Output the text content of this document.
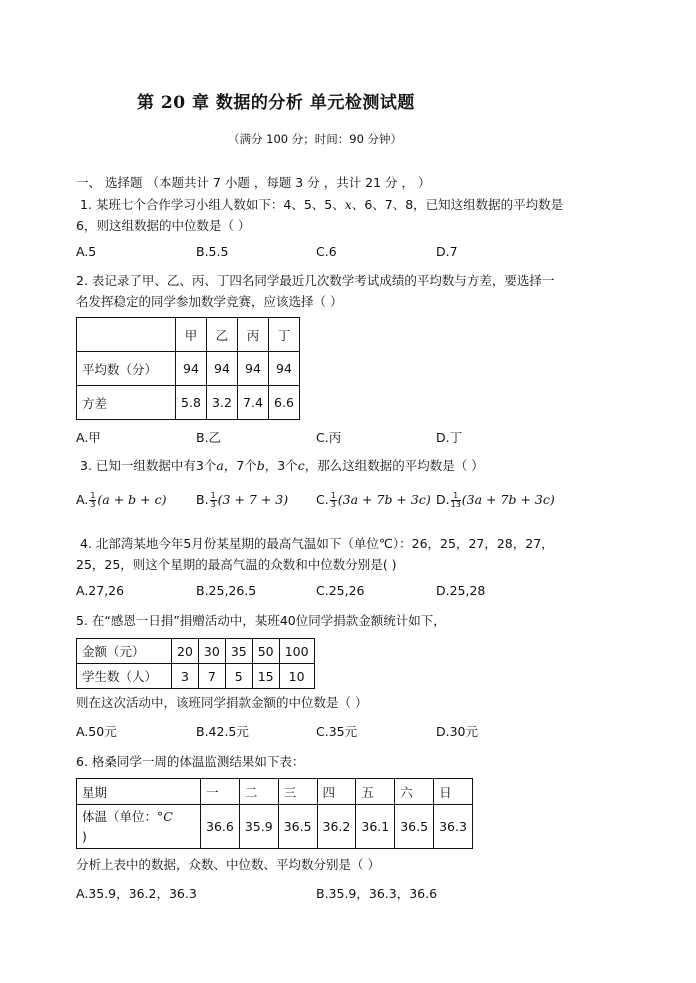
第 20 章 数据的分析 单元检测试题
（满分 100 分；时间：90 分钟）
一、 选择题 （本题共计 7 小题 ，每题 3 分 ，共计 21 分 ， ）
1. 某班七个合作学习小组人数如下：4、5、5、x、6、7、8，已知这组数据的平均数是
6，则这组数据的中位数是（ ）
A.5	B.5.5	C.6	D.7
2. 表记录了甲、乙、丙、丁四名同学最近几次数学考试成绩的平均数与方差，要选择一
名发挥稳定的同学参加数学竞赛，应该选择（ ）
	甲	乙	丙	丁
平均数（分）	94	94	94	94
方差	5.8	3.2	7.4	6.6
A.甲	B.乙	C.丙	D.丁
3. 已知一组数据中有3个a，7个b，3个c，那么这组数据的平均数是（ ）
A. $\frac{1}{3} (a + b + c)$ B. $\frac{1}{3} (3 + 7 + 3)$ C. $\frac{1}{3} (3a + 7b + 3c)$ D. $\frac{1}{13} (3a + 7b + 3c)$
4. 北部湾某地今年5月份某星期的最高气温如下（单位℃）：26，25，27，28，27，
25，25，则这个星期的最高气温的众数和中位数分别是( )
A.27,26	B.25,26.5	C.25,26	D.25,28
5. 在“感恩一日捐”捐赠活动中，某班40位同学捐款金额统计如下，
金额（元）	20	30	35	50	100
学生数（人）	3	7	5	15	10
则在这次活动中，该班同学捐款金额的中位数是（ ）
A.50元	B.42.5元	C.35元	D.30元
6. 格桑同学一周的体温监测结果如下表：
星期	一	二	三	四	五	六	日
体温（单位：°C
)	36.6	35.9	36.5	36.2	36.1	36.5	36.3
分析上表中的数据，众数、中位数、平均数分别是（ ）
A.35.9，36.2，36.3	B.35.9，36.3，36.6
